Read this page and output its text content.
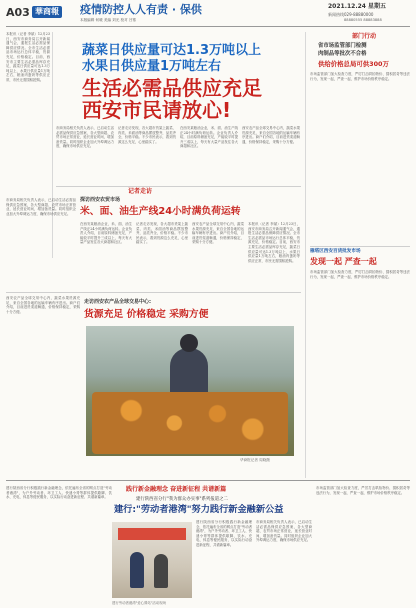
A03 華商報 疫情防控人人有责 · 保供
本版编辑 何暖 美编 刘光 校对 吕骞
2021.12.24 星期五
新闻热线029-88880000
88880555 88883888
本报讯（记者 李斌）12月23日，西安市商务局召开新闻通气会，通报生活必需品保障供应情况。全市生活必需品市场运行总体平稳，货源充足，价格稳定。目前，西安市主要生活必需品库存充足，蔬菜日供应量可达1.3万吨以上，水果日供应量1万吨左右，粮油肉蛋奶等供应正常，市民无需囤积抢购。
蔬菜日供应量可达1.3万吨以上
水果日供应量1万吨左右
生活必需品供应充足
西安市民请放心!
市商务局相关负责人表示，已启动生活必需品保供应急预案，各大型商超、农贸市场正常营业，延长营业时间，增加备货量。同时组织企业加大外埠调运力度，确保市场供应充足。
记者走访发现，各大超市货架上蔬菜、肉类、米面油等商品摆放整齐，品类齐全，价格平稳。不少市民表示，看到货源这么充足，心里踏实了。
在西安某粮油企业，米、面、油生产线正24小时满负荷运转。企业负责人介绍，目前原料储备充足，产能较平时提升三成以上，每天有大量产品发往各大商超和社区。
西安农产品全球交易中心内，蔬菜水果货源充足，来自全国各地的运输车辆有序进出。商户们介绍，目前进货渠道畅通，价格保持稳定，采购十分方便。
部门行动
省市场监管部门检测
肉制品等批次不合格
供给价格总局可供300万
市场监管部门加大检查力度，严厉打击哄抬物价、囤积居奇等违法行为，发现一起，严查一起，维护市场价格秩序稳定。
雁塔区西安百货批发市场
发现一起 严查一起
市场监管部门加大检查力度，严厉打击哄抬物价、囤积居奇等违法行为，发现一起，严查一起，维护市场价格秩序稳定。
记者走访
探访西安农贸市场
米、面、油生产线24小时满负荷运转
市商务局相关负责人表示，已启动生活必需品保供应急预案，各大型商超、农贸市场正常营业，延长营业时间，增加备货量。同时组织企业加大外埠调运力度，确保市场供应充足。
在西安某粮油企业，米、面、油生产线正24小时满负荷运转。企业负责人介绍，目前原料储备充足，产能较平时提升三成以上，每天有大量产品发往各大商超和社区。
记者走访发现，各大超市货架上蔬菜、肉类、米面油等商品摆放整齐，品类齐全，价格平稳。不少市民表示，看到货源这么充足，心里踏实了。
西安农产品全球交易中心内，蔬菜水果货源充足，来自全国各地的运输车辆有序进出。商户们介绍，目前进货渠道畅通，价格保持稳定，采购十分方便。
本报讯（记者 李斌）12月23日，西安市商务局召开新闻通气会，通报生活必需品保障供应情况。全市生活必需品市场运行总体平稳，货源充足，价格稳定。目前，西安市主要生活必需品库存充足，蔬菜日供应量可达1.3万吨以上，水果日供应量1万吨左右，粮油肉蛋奶等供应正常，市民无需囤积抢购。
西安农产品全球交易中心内，蔬菜水果货源充足，来自全国各地的运输车辆有序进出。商户们介绍，目前进货渠道畅通，价格保持稳定，采购十分方便。
走访西安农产品全球交易中心:
货源充足 价格稳定 采购方便
华商报记者 周晓摄
建行陕西省分行积极践行新金融理念，依托遍布全省的网点打造"劳动者港湾"，为户外劳动者、环卫工人、快递小哥等群体提供歇脚、饮水、充电、休息等便民服务，以实际行动奋进新征程、共谱新篇章。
践行新金融理念 奋进新征程 共谱新篇
建行陕西省分行"我为群众办实事"系列报道之二
建行:"劳动者港湾"努力践行新金融新公益
建行劳动者港湾"爱心驿站"活动现场
建行陕西省分行积极践行新金融理念，依托遍布全省的网点打造"劳动者港湾"，为户外劳动者、环卫工人、快递小哥等群体提供歇脚、饮水、充电、休息等便民服务，以实际行动奋进新征程、共谱新篇章。
市商务局相关负责人表示，已启动生活必需品保供应急预案，各大型商超、农贸市场正常营业，延长营业时间，增加备货量。同时组织企业加大外埠调运力度，确保市场供应充足。
市场监管部门加大检查力度，严厉打击哄抬物价、囤积居奇等违法行为，发现一起，严查一起，维护市场价格秩序稳定。
